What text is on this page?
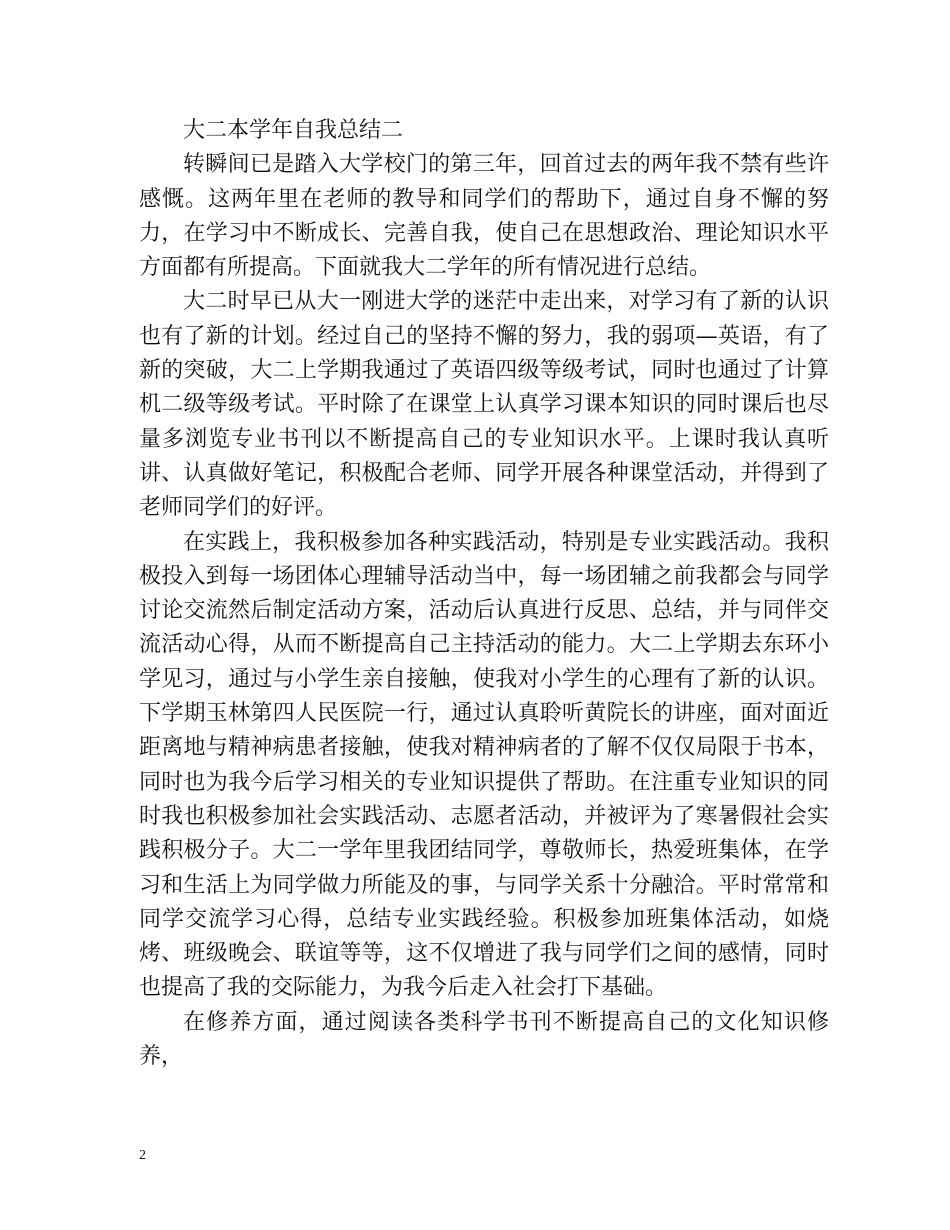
大二本学年自我总结二

转瞬间已是踏入大学校门的第三年，回首过去的两年我不禁有些许感慨。这两年里在老师的教导和同学们的帮助下，通过自身不懈的努力，在学习中不断成长、完善自我，使自己在思想政治、理论知识水平方面都有所提高。下面就我大二学年的所有情况进行总结。

大二时早已从大一刚进大学的迷茫中走出来，对学习有了新的认识也有了新的计划。经过自己的坚持不懈的努力，我的弱项—英语，有了新的突破，大二上学期我通过了英语四级等级考试，同时也通过了计算机二级等级考试。平时除了在课堂上认真学习课本知识的同时课后也尽量多浏览专业书刊以不断提高自己的专业知识水平。上课时我认真听讲、认真做好笔记，积极配合老师、同学开展各种课堂活动，并得到了老师同学们的好评。

在实践上，我积极参加各种实践活动，特别是专业实践活动。我积极投入到每一场团体心理辅导活动当中，每一场团辅之前我都会与同学讨论交流然后制定活动方案，活动后认真进行反思、总结，并与同伴交流活动心得，从而不断提高自己主持活动的能力。大二上学期去东环小学见习，通过与小学生亲自接触，使我对小学生的心理有了新的认识。下学期玉林第四人民医院一行，通过认真聆听黄院长的讲座，面对面近距离地与精神病患者接触，使我对精神病者的了解不仅仅局限于书本，同时也为我今后学习相关的专业知识提供了帮助。在注重专业知识的同时我也积极参加社会实践活动、志愿者活动，并被评为了寒暑假社会实践积极分子。大二一学年里我团结同学，尊敬师长，热爱班集体，在学习和生活上为同学做力所能及的事，与同学关系十分融洽。平时常常和同学交流学习心得，总结专业实践经验。积极参加班集体活动，如烧烤、班级晚会、联谊等等，这不仅增进了我与同学们之间的感情，同时也提高了我的交际能力，为我今后走入社会打下基础。

在修养方面，通过阅读各类科学书刊不断提高自己的文化知识修养，

2
